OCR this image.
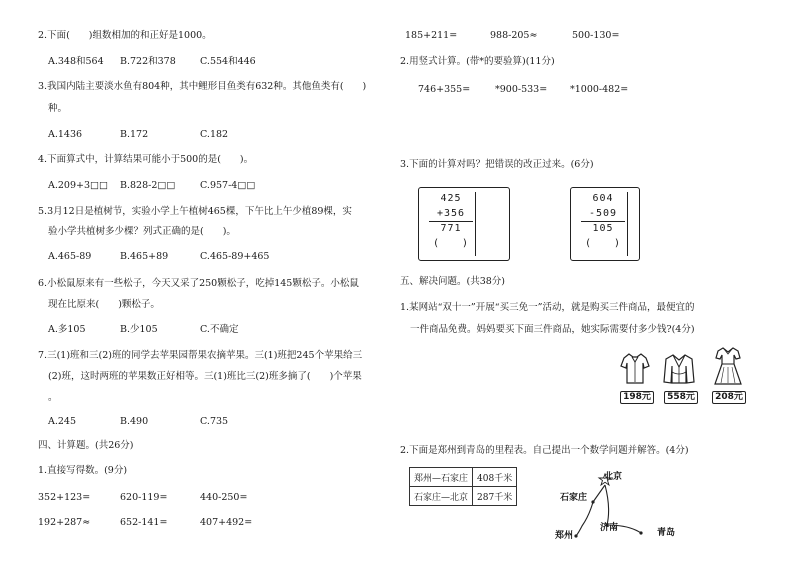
2.下面(　　)组数相加的和正好是1000。
A.348和564 B.722和378	C.554和446
3.我国内陆主要淡水鱼有804种，其中鲤形目鱼类有632种。其他鱼类有(　　)
种。
A.1436	B.172	C.182
4.下面算式中，计算结果可能小于500的是(　　)。
A.209+3□□ B.828-2□□	C.957-4□□
5.3月12日是植树节，实验小学上午植树465棵，下午比上午少植89棵，实
验小学共植树多少棵？列式正确的是(　　)。
A.465-89	B.465+89	C.465-89+465
6.小松鼠原来有一些松子，今天又采了250颗松子，吃掉145颗松子。小松鼠
现在比原来(　　)颗松子。
A.多105	B.少105	C.不确定
7.三(1)班和三(2)班的同学去苹果园帮果农摘苹果。三(1)班把245个苹果给三
(2)班，这时两班的苹果数正好相等。三(1)班比三(2)班多摘了(　　)个苹果
。
A.245	B.490	C.735
四、计算题。(共26分)
1.直接写得数。(9分)
352+123=	620-119=	440-250=
192+287≈	652-141=	407+492=
185+211=	988-205≈	500-130=
2.用竖式计算。(带*的要验算)(11分)
746+355=	*900-533= *1000-482=
3.下面的计算对吗？把错误的改正过来。(6分)
425
+356
771
(　　)
604
-509
105
(　　)
五、解决问题。(共38分)
1.某网站“双十一”开展“买三免一”活动，就是购买三件商品，最便宜的
一件商品免费。妈妈要买下面三件商品，她实际需要付多少钱?(4分)
198元	558元	208元
2.下面是郑州到青岛的里程表。自己提出一个数学问题并解答。(4分)
郑州—石家庄	408千米
石家庄—北京	287千米
北京
石家庄
郑州
济南	青岛
